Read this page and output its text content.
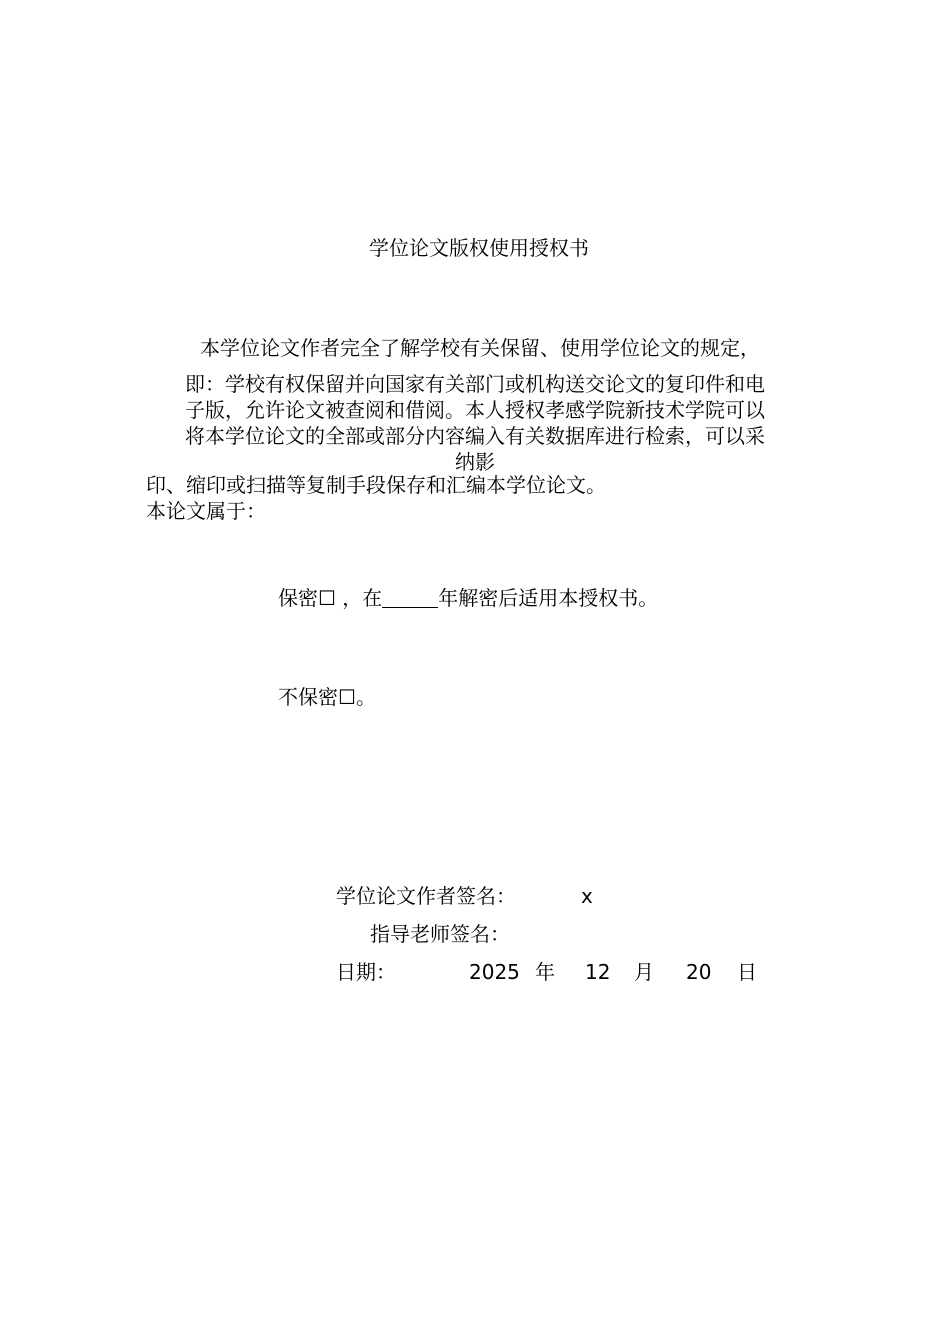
学位论文版权使用授权书
本学位论文作者完全了解学校有关保留、使用学位论文的规定，
即：学校有权保留并向国家有关部门或机构送交论文的复印件和电
子版，允许论文被查阅和借阅。本人授权孝感学院新技术学院可以
将本学位论文的全部或部分内容编入有关数据库进行检索，可以采
纳影
印、缩印或扫描等复制手段保存和汇编本学位论文。
本论文属于：
保密☐ ，在	年解密后适用本授权书。
不保密☐。
学位论文作者签名：	x
指导老师签名：
日期：	2025 年 12 月 20 日
